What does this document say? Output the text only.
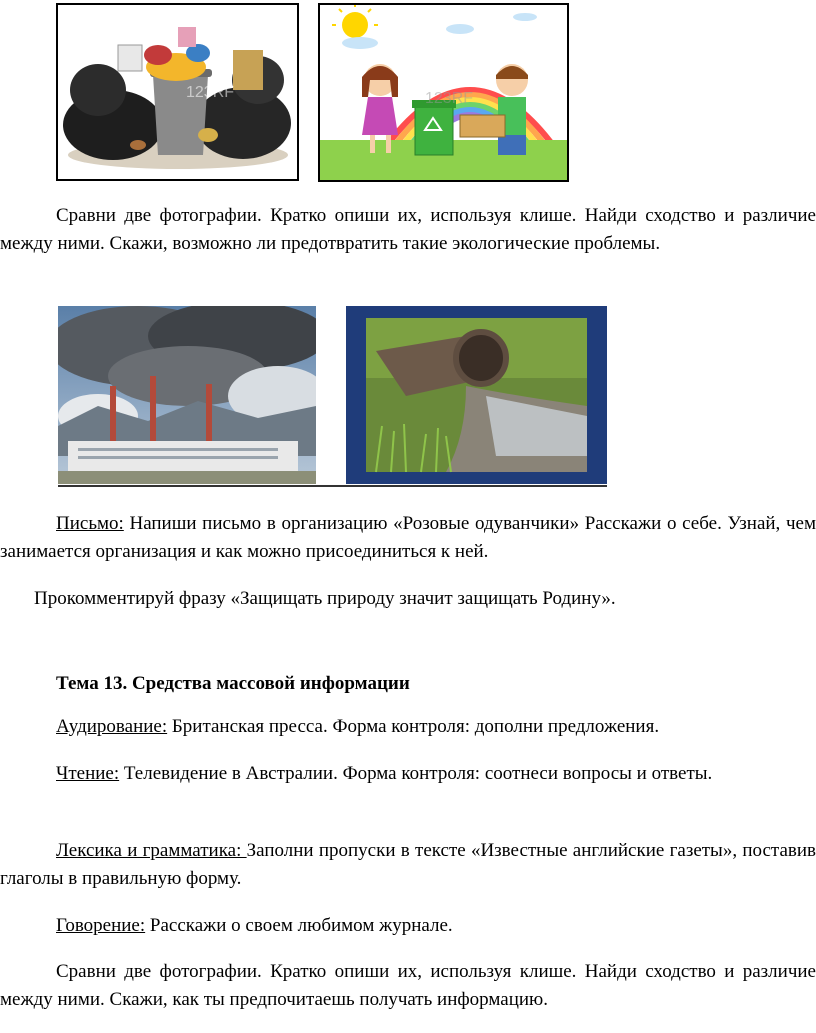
123RF	123RF
Сравни две фотографии. Кратко опиши их, используя клише. Найди сходство и различие между ними. Скажи, возможно ли предотвратить такие экологические проблемы.
Письмо: Напиши письмо в организацию «Розовые одуванчики» Расскажи о себе. Узнай, чем занимается организация и как можно присоединиться к ней.
Прокомментируй фразу «Защищать природу значит защищать Родину».
Тема 13. Средства массовой информации
Аудирование: Британская пресса. Форма контроля: дополни предложения.
Чтение: Телевидение в Австралии. Форма контроля: соотнеси вопросы и ответы.
Лексика и грамматика: Заполни пропуски в тексте «Известные английские газеты», поставив глаголы в правильную форму.
Говорение: Расскажи о своем любимом журнале.
Сравни две фотографии. Кратко опиши их, используя клише. Найди сходство и различие между ними. Скажи, как ты предпочитаешь получать информацию.
